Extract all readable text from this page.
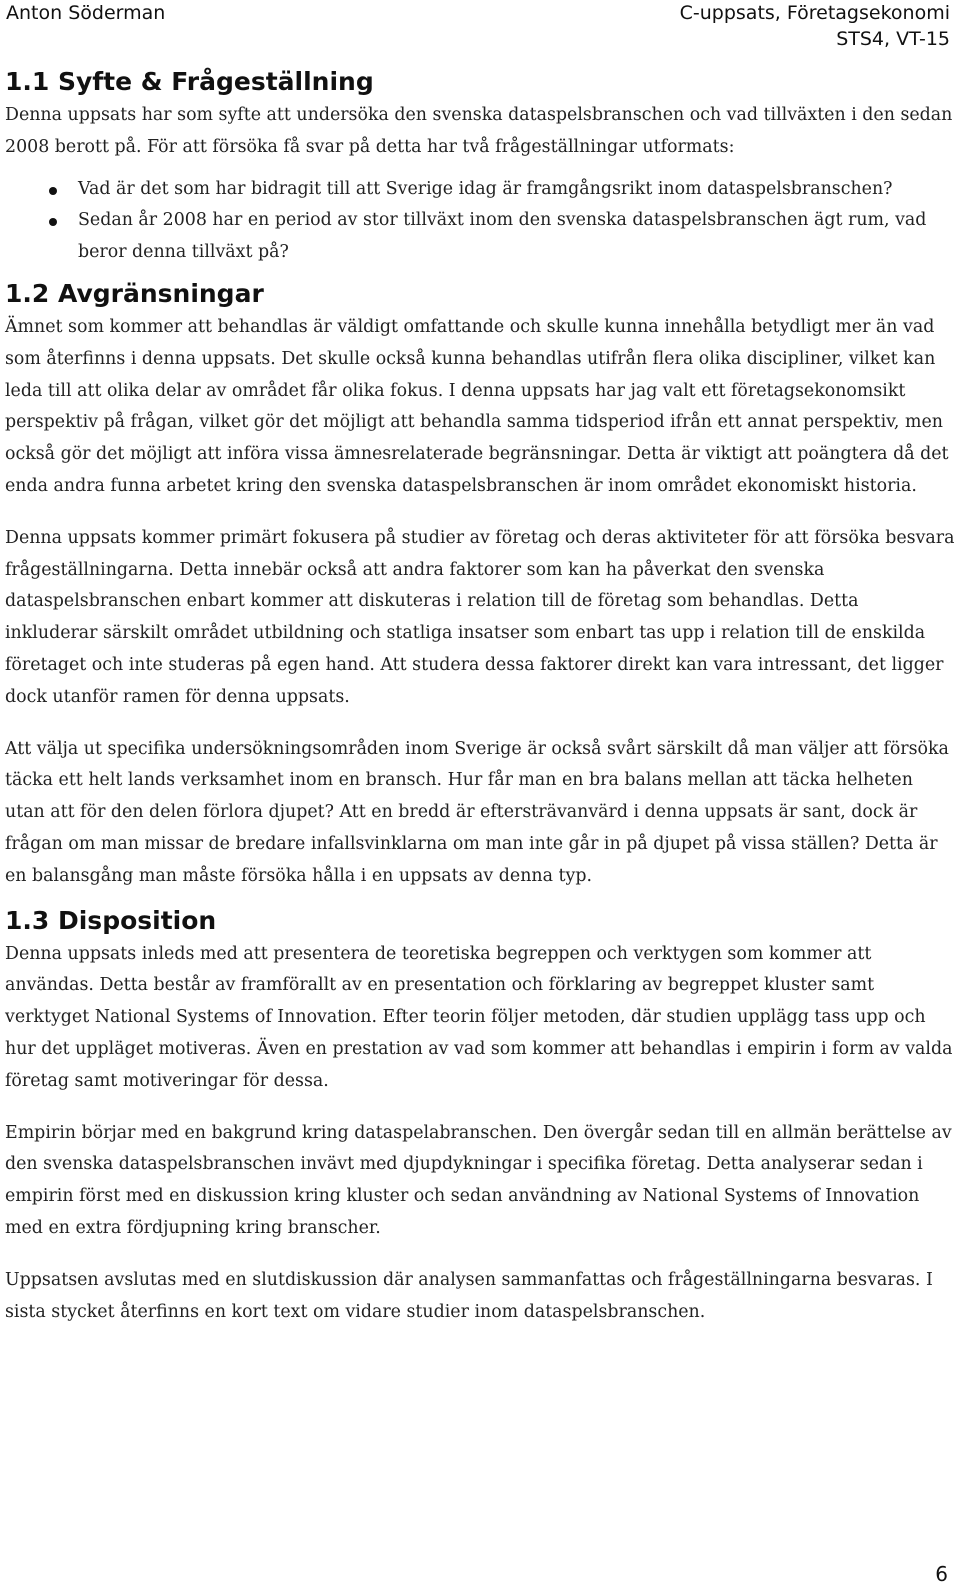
Anton Söderman	C-uppsats, Företagsekonomi
STS4, VT-15
1.1 Syfte & Frågeställning

Denna uppsats har som syfte att undersöka den svenska dataspelsbranschen och vad tillväxten i den sedan 2008 berott på. För att försöka få svar på detta har två frågeställningar utformats:

Vad är det som har bidragit till att Sverige idag är framgångsrikt inom dataspelsbranschen?
Sedan år 2008 har en period av stor tillväxt inom den svenska dataspelsbranschen ägt rum, vad beror denna tillväxt på?
1.2 Avgränsningar

Ämnet som kommer att behandlas är väldigt omfattande och skulle kunna innehålla betydligt mer än vad som återfinns i denna uppsats. Det skulle också kunna behandlas utifrån flera olika discipliner, vilket kan leda till att olika delar av området får olika fokus. I denna uppsats har jag valt ett företagsekonomsikt perspektiv på frågan, vilket gör det möjligt att behandla samma tidsperiod ifrån ett annat perspektiv, men också gör det möjligt att införa vissa ämnesrelaterade begränsningar. Detta är viktigt att poängtera då det enda andra funna arbetet kring den svenska dataspelsbranschen är inom området ekonomiskt historia.

Denna uppsats kommer primärt fokusera på studier av företag och deras aktiviteter för att försöka besvara frågeställningarna. Detta innebär också att andra faktorer som kan ha påverkat den svenska dataspelsbranschen enbart kommer att diskuteras i relation till de företag som behandlas. Detta inkluderar särskilt området utbildning och statliga insatser som enbart tas upp i relation till de enskilda företaget och inte studeras på egen hand. Att studera dessa faktorer direkt kan vara intressant, det ligger dock utanför ramen för denna uppsats.

Att välja ut specifika undersökningsområden inom Sverige är också svårt särskilt då man väljer att försöka täcka ett helt lands verksamhet inom en bransch. Hur får man en bra balans mellan att täcka helheten utan att för den delen förlora djupet? Att en bredd är eftersträvanvärd i denna uppsats är sant, dock är frågan om man missar de bredare infallsvinklarna om man inte går in på djupet på vissa ställen? Detta är en balansgång man måste försöka hålla i en uppsats av denna typ.

1.3 Disposition

Denna uppsats inleds med att presentera de teoretiska begreppen och verktygen som kommer att användas. Detta består av framförallt av en presentation och förklaring av begreppet kluster samt verktyget National Systems of Innovation. Efter teorin följer metoden, där studien upplägg tass upp och hur det uppläget motiveras. Även en prestation av vad som kommer att behandlas i empirin i form av valda företag samt motiveringar för dessa.

Empirin börjar med en bakgrund kring dataspelabranschen. Den övergår sedan till en allmän berättelse av den svenska dataspelsbranschen invävt med djupdykningar i specifika företag. Detta analyserar sedan i empirin först med en diskussion kring kluster och sedan användning av National Systems of Innovation med en extra fördjupning kring branscher.

Uppsatsen avslutas med en slutdiskussion där analysen sammanfattas och frågeställningarna besvaras. I sista stycket återfinns en kort text om vidare studier inom dataspelsbranschen.

6
